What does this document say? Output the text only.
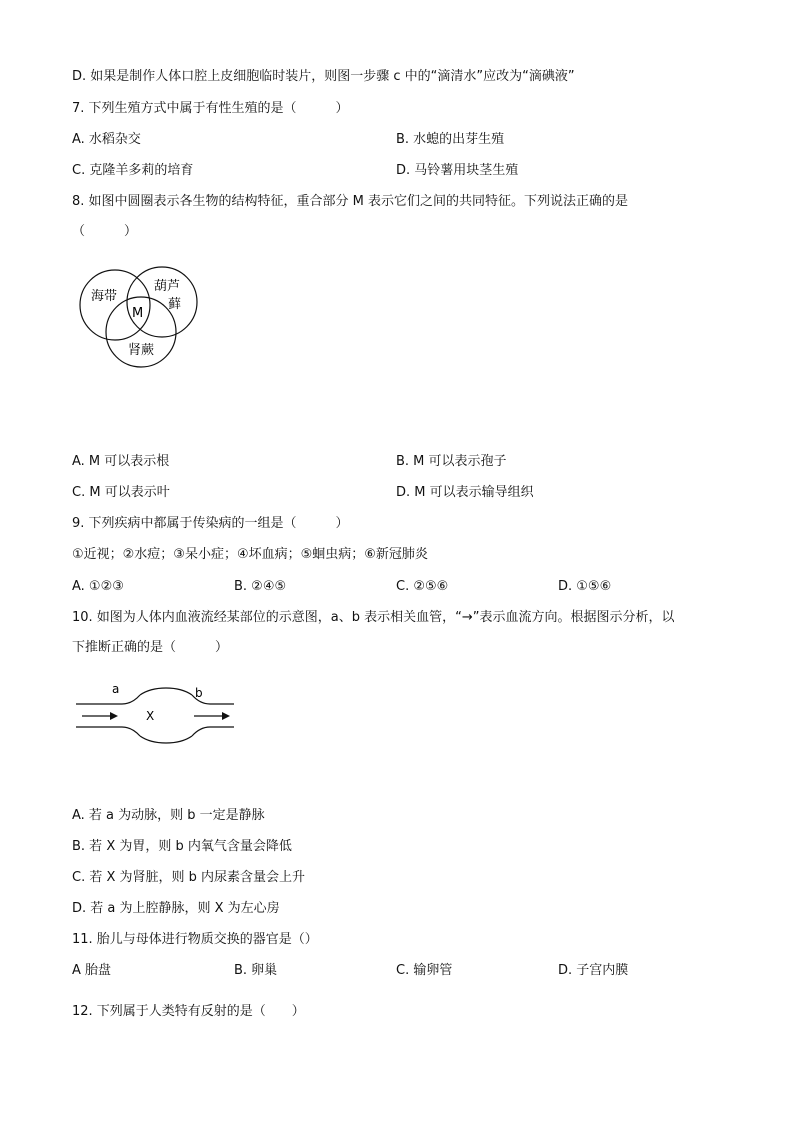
D. 如果是制作人体口腔上皮细胞临时装片，则图一步骤 c 中的“滴清水”应改为“滴碘液”
7. 下列生殖方式中属于有性生殖的是（　　　）
A. 水稻杂交	B. 水螅的出芽生殖
C. 克隆羊多莉的培育	D. 马铃薯用块茎生殖
8. 如图中圆圈表示各生物的结构特征，重合部分 M 表示它们之间的共同特征。下列说法正确的是
（　　　）
海带
葫芦
藓
M
肾蕨
A. M 可以表示根	B. M 可以表示孢子
C. M 可以表示叶	D. M 可以表示输导组织
9. 下列疾病中都属于传染病的一组是（　　　）
①近视；②水痘；③呆小症；④坏血病；⑤蛔虫病；⑥新冠肺炎
A. ①②③	B. ②④⑤	C. ②⑤⑥	D. ①⑤⑥
10. 如图为人体内血液流经某部位的示意图，a、b 表示相关血管，“→”表示血流方向。根据图示分析，以
下推断正确的是（　　　）
a	b
X
A. 若 a 为动脉，则 b 一定是静脉
B. 若 X 为胃，则 b 内氧气含量会降低
C. 若 X 为肾脏，则 b 内尿素含量会上升
D. 若 a 为上腔静脉，则 X 为左心房
11. 胎儿与母体进行物质交换的器官是（）
A 胎盘	B. 卵巢	C. 输卵管	D. 子宫内膜
12. 下列属于人类特有反射的是（　　）
